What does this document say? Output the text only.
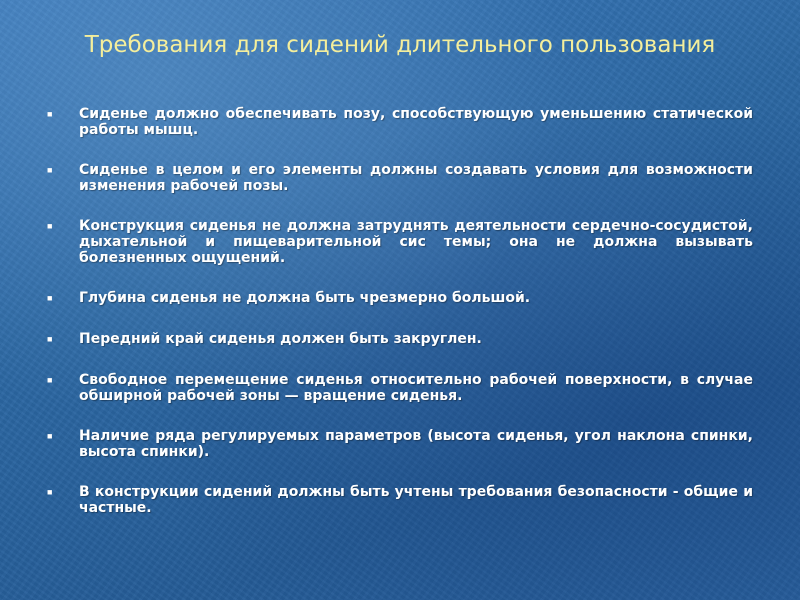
Требования для сидений длительного пользования
■	Сиденье должно обеспечивать позу, способствующую уменьшению статической работы мышц.
■	Сиденье в целом и его элементы должны создавать условия для возможности изменения рабочей позы.
■	Конструкция сиденья не должна затруднять деятельности сердечно-сосудистой, дыхательной и пищеварительной сис темы; она не должна вызывать болезненных ощущений.
■	Глубина сиденья не должна быть чрезмерно большой.
■	Передний край сиденья должен быть закруглен.
■	Свободное перемещение сиденья относительно рабочей поверхности, в случае обширной рабочей зоны — вращение сиденья.
■	Наличие ряда регулируемых параметров (высота сиденья, угол наклона спинки, высота спинки).
■	В конструкции сидений должны быть учтены требования безопасности - общие и частные.
